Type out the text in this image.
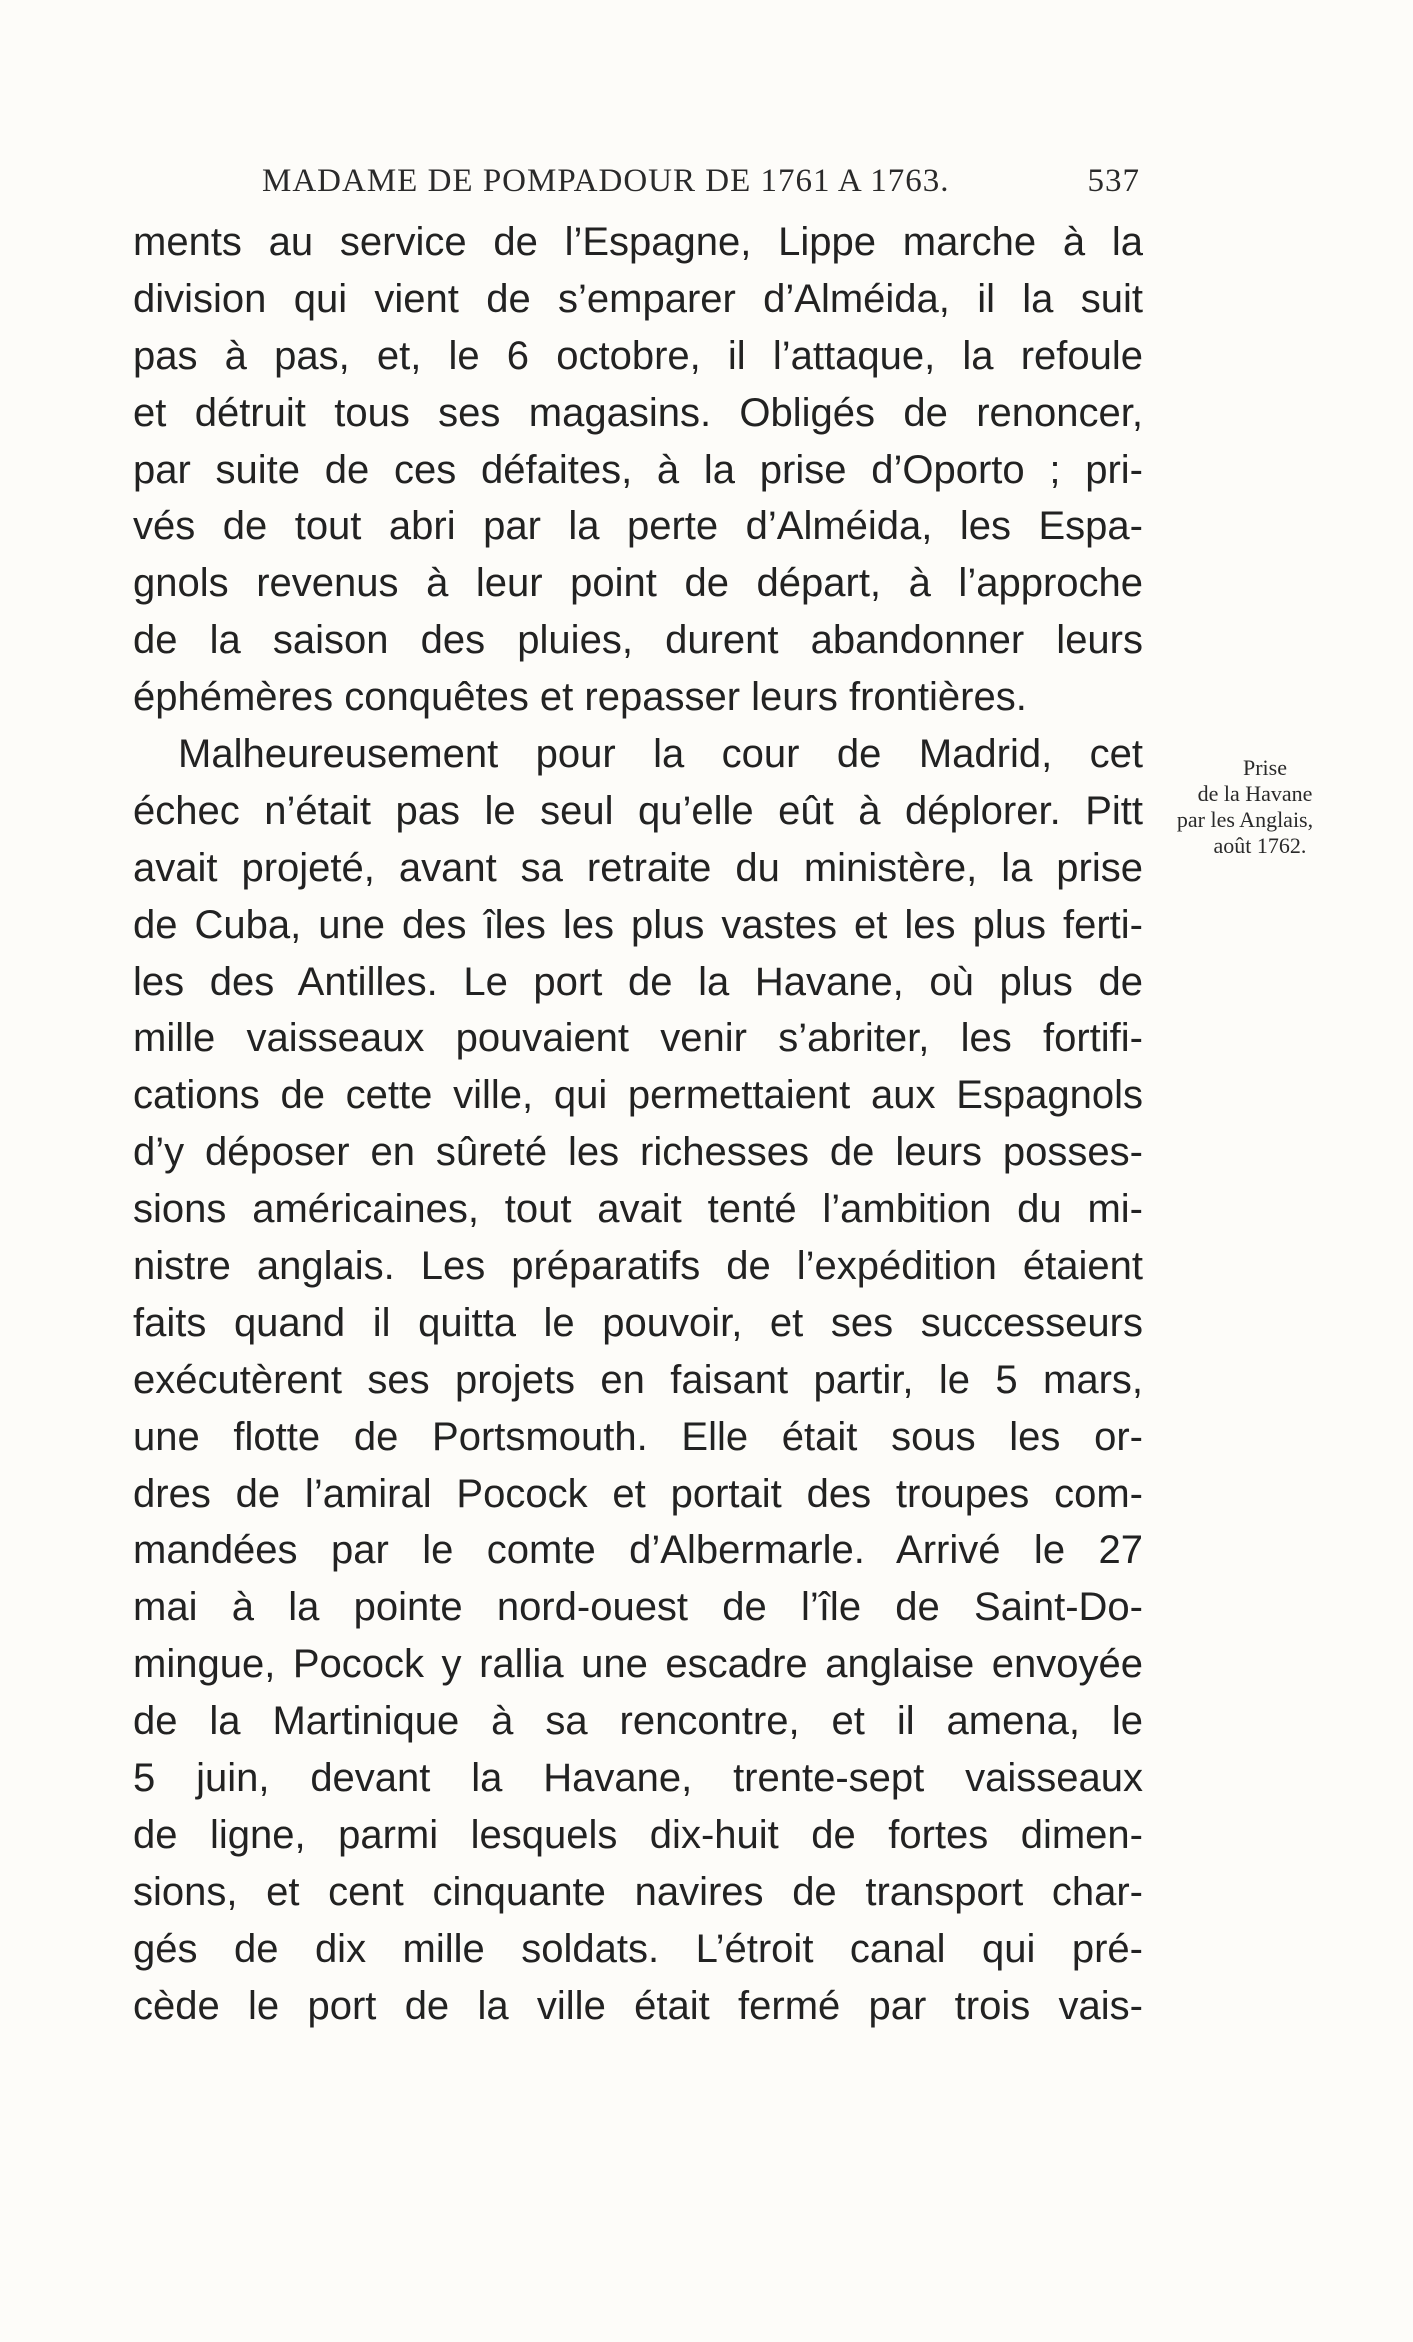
MADAME DE POMPADOUR DE 1761 A 1763.	537
ments au service de l’Espagne, Lippe marche à la
division qui vient de s’emparer d’Alméida, il la suit
pas à pas, et, le 6 octobre, il l’attaque, la refoule
et détruit tous ses magasins. Obligés de renoncer,
par suite de ces défaites, à la prise d’Oporto ; pri-
vés de tout abri par la perte d’Alméida, les Espa-
gnols revenus à leur point de départ, à l’approche
de la saison des pluies, durent abandonner leurs
éphémères conquêtes et repasser leurs frontières.
Malheureusement pour la cour de Madrid, cet
échec n’était pas le seul qu’elle eût à déplorer. Pitt
avait projeté, avant sa retraite du ministère, la prise
de Cuba, une des îles les plus vastes et les plus ferti-
les des Antilles. Le port de la Havane, où plus de
mille vaisseaux pouvaient venir s’abriter, les fortifi-
cations de cette ville, qui permettaient aux Espagnols
d’y déposer en sûreté les richesses de leurs posses-
sions américaines, tout avait tenté l’ambition du mi-
nistre anglais. Les préparatifs de l’expédition étaient
faits quand il quitta le pouvoir, et ses successeurs
exécutèrent ses projets en faisant partir, le 5 mars,
une flotte de Portsmouth. Elle était sous les or-
dres de l’amiral Pocock et portait des troupes com-
mandées par le comte d’Albermarle. Arrivé le 27
mai à la pointe nord-ouest de l’île de Saint-Do-
mingue, Pocock y rallia une escadre anglaise envoyée
de la Martinique à sa rencontre, et il amena, le
5 juin, devant la Havane, trente-sept vaisseaux
de ligne, parmi lesquels dix-huit de fortes dimen-
sions, et cent cinquante navires de transport char-
gés de dix mille soldats. L’étroit canal qui pré-
cède le port de la ville était fermé par trois vais-
Prise
de la Havane
par les Anglais,
août 1762.
